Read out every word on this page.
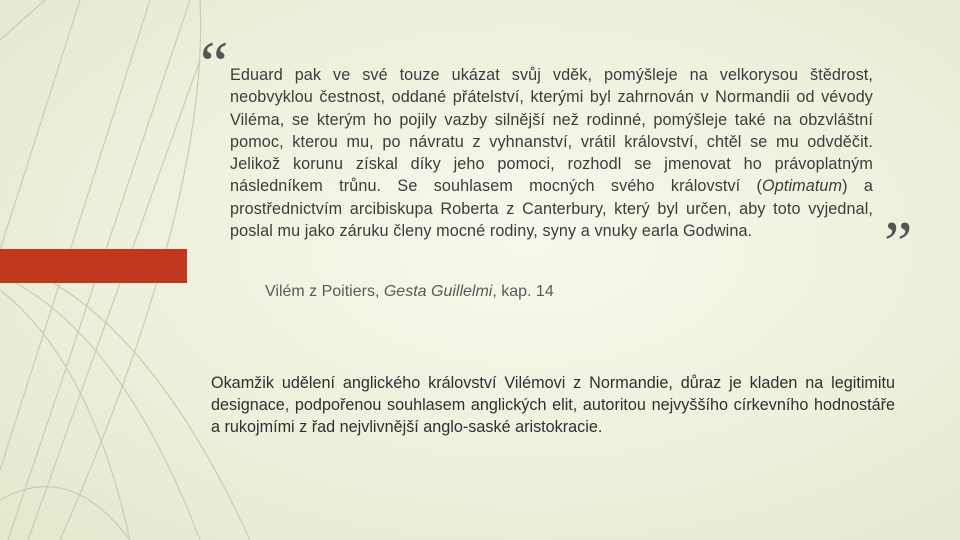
“ Eduard pak ve své touze ukázat svůj vděk, pomýšleje na velkorysou štědrost, neobvyklou čestnost, oddané přátelství, kterými byl zahrnován v Normandii od vévody Viléma, se kterým ho pojily vazby silnější než rodinné, pomýšleje také na obzvláštní pomoc, kterou mu, po návratu z vyhnanství, vrátil království, chtěl se mu odvděčit. Jelikož korunu získal díky jeho pomoci, rozhodl se jmenovat ho právoplatným následníkem trůnu. Se souhlasem mocných svého království (Optimatum) a prostřednictvím arcibiskupa Roberta z Canterbury, který byl určen, aby toto vyjednal, poslal mu jako záruku členy mocné rodiny, syny a vnuky earla Godwina.	”
Vilém z Poitiers, Gesta Guillelmi, kap. 14
Okamžik udělení anglického království Vilémovi z Normandie, důraz je kladen na legitimitu designace, podpořenou souhlasem anglických elit, autoritou nejvyššího církevního hodnostáře a rukojmími z řad nejvlivnější anglo-saské aristokracie.
